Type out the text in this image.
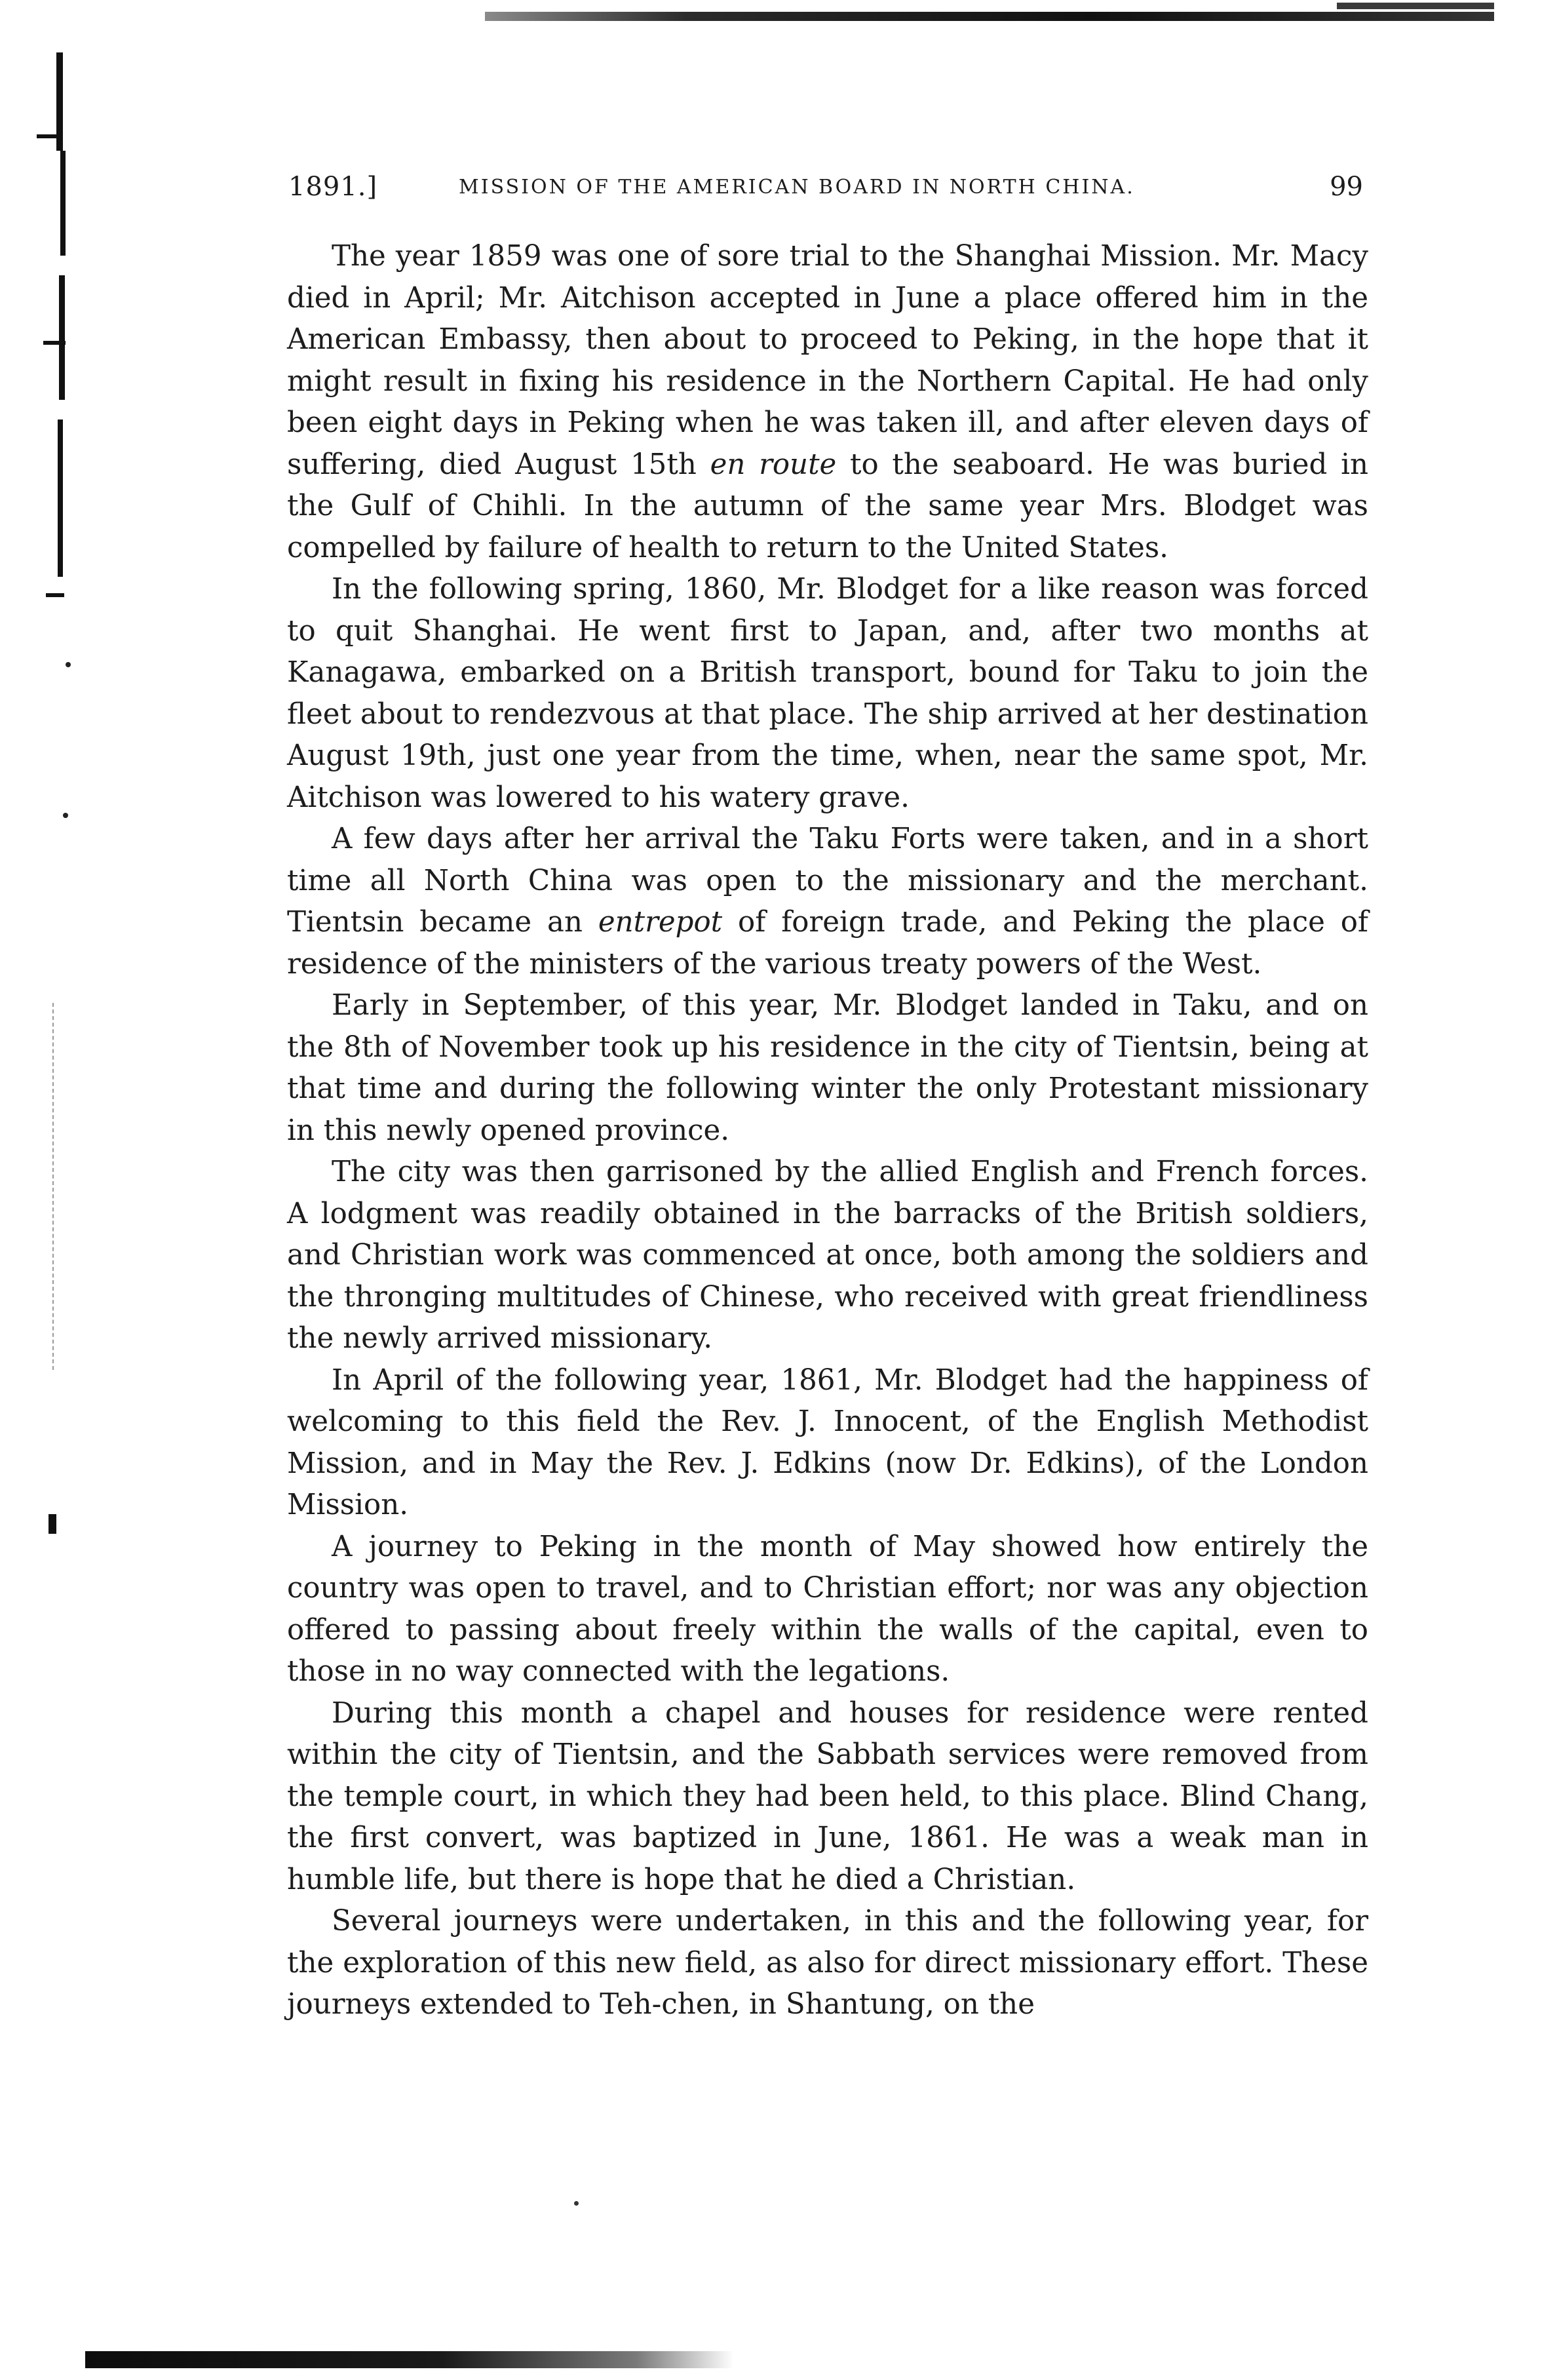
1891.]	MISSION OF THE AMERICAN BOARD IN NORTH CHINA.	99

The year 1859 was one of sore trial to the Shanghai Mission. Mr. Macy died in April; Mr. Aitchison accepted in June a place offered him in the American Embassy, then about to proceed to Peking, in the hope that it might result in fixing his residence in the Northern Capital. He had only been eight days in Peking when he was taken ill, and after eleven days of suffering, died August 15th en route to the seaboard. He was buried in the Gulf of Chihli. In the autumn of the same year Mrs. Blodget was compelled by failure of health to return to the United States.

In the following spring, 1860, Mr. Blodget for a like reason was forced to quit Shanghai. He went first to Japan, and, after two months at Kanagawa, embarked on a British transport, bound for Taku to join the fleet about to rendezvous at that place. The ship arrived at her destination August 19th, just one year from the time, when, near the same spot, Mr. Aitchison was lowered to his watery grave.

A few days after her arrival the Taku Forts were taken, and in a short time all North China was open to the missionary and the merchant. Tientsin became an entrepot of foreign trade, and Peking the place of residence of the ministers of the various treaty powers of the West.

Early in September, of this year, Mr. Blodget landed in Taku, and on the 8th of November took up his residence in the city of Tientsin, being at that time and during the following winter the only Protestant missionary in this newly opened province.

The city was then garrisoned by the allied English and French forces. A lodgment was readily obtained in the barracks of the British soldiers, and Christian work was commenced at once, both among the soldiers and the thronging multitudes of Chinese, who received with great friendliness the newly arrived missionary.

In April of the following year, 1861, Mr. Blodget had the happiness of welcoming to this field the Rev. J. Innocent, of the English Methodist Mission, and in May the Rev. J. Edkins (now Dr. Edkins), of the London Mission.

A journey to Peking in the month of May showed how entirely the country was open to travel, and to Christian effort; nor was any objection offered to passing about freely within the walls of the capital, even to those in no way connected with the legations.

During this month a chapel and houses for residence were rented within the city of Tientsin, and the Sabbath services were removed from the temple court, in which they had been held, to this place. Blind Chang, the first convert, was baptized in June, 1861. He was a weak man in humble life, but there is hope that he died a Christian.

Several journeys were undertaken, in this and the following year, for the exploration of this new field, as also for direct missionary effort. These journeys extended to Teh-chen, in Shantung, on the
